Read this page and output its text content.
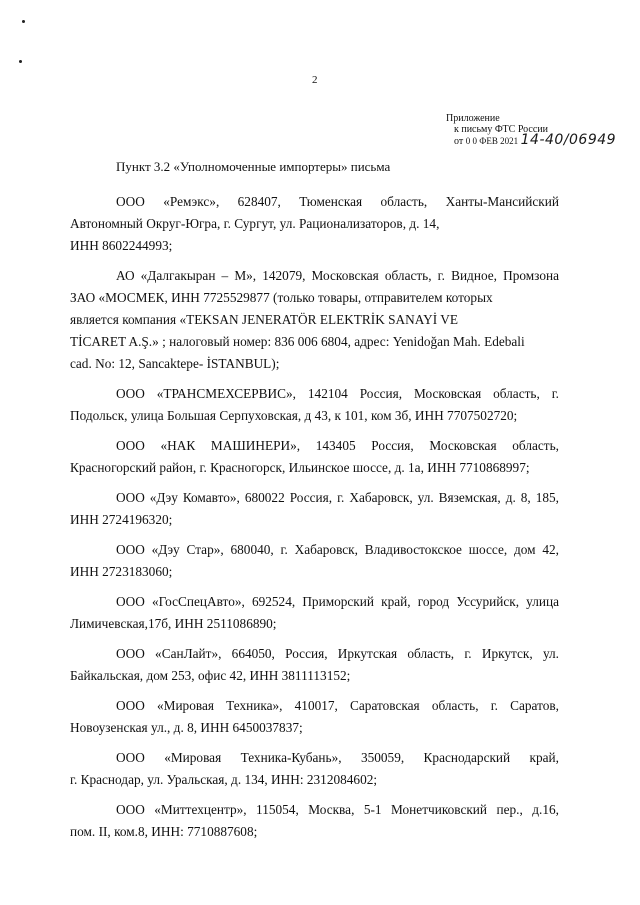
2
Приложение
к письму ФТС России от 0 0 ФЕВ 2021 14-40/06949
Пункт 3.2 «Уполномоченные импортеры» письма
ООО «Ремэкс», 628407, Тюменская область, Ханты-Мансийский
Автономный Округ-Югра, г. Сургут, ул. Рационализаторов, д. 14,
ИНН 8602244993;
АО «Далгакыран – М», 142079, Московская область, г. Видное, Промзона
ЗАО «МОСМЕК, ИНН 7725529877 (только товары, отправителем которых
является компания «TEKSAN JENERATÖR ELEKTRİK SANAYİ VE
TİCARET A.Ş.» ; налоговый номер: 836 006 6804, адрес: Yenidoğan Mah. Edebali
cad. No: 12, Sancaktepe- İSTANBUL);
ООО «ТРАНСМЕХСЕРВИС», 142104 Россия, Московская область, г.
Подольск, улица Большая Серпуховская, д 43, к 101, ком 3б, ИНН 7707502720;
ООО «НАК МАШИНЕРИ», 143405 Россия, Московская область,
Красногорский район, г. Красногорск, Ильинское шоссе, д. 1а, ИНН 7710868997;
ООО «Дэу Комавто», 680022 Россия, г. Хабаровск, ул. Вяземская, д. 8, 185,
ИНН 2724196320;
ООО «Дэу Стар», 680040, г. Хабаровск, Владивостокское шоссе, дом 42,
ИНН 2723183060;
ООО «ГосСпецАвто», 692524, Приморский край, город Уссурийск, улица
Лимичевская,17б, ИНН 2511086890;
ООО «СанЛайт», 664050, Россия, Иркутская область, г. Иркутск, ул.
Байкальская, дом 253, офис 42, ИНН 3811113152;
ООО «Мировая Техника», 410017, Саратовская область, г. Саратов,
Новоузенская ул., д. 8, ИНН 6450037837;
ООО «Мировая Техника-Кубань», 350059, Краснодарский край,
г. Краснодар, ул. Уральская, д. 134, ИНН: 2312084602;
ООО «Миттехцентр», 115054, Москва, 5-1 Монетчиковский пер., д.16,
пом. II, ком.8, ИНН: 7710887608;
